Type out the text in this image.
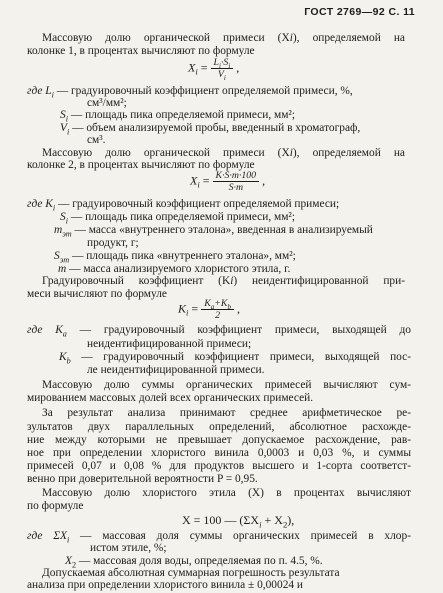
ГОСТ 2769—92 С. 11
Массовую долю органической примеси (Xi), определяемой на
колонке 1, в процентах вычисляют по формуле
$X_i = \frac{L_i\cdot S_i}{V_i}$ ,
где $L_i$ — градуировочный коэффициент определяемой примеси, %,
см³/мм²;
$S_i$ — площадь пика определяемой примеси, мм²;
$V_i$ — объем анализируемой пробы, введенный в хроматограф,
см³.
Массовую долю органической примеси (Xi), определяемой на
колонке 2, в процентах вычисляют по формуле
$X_i = \frac{K\cdot S\cdot m\cdot 100}{S\cdot m}$ ,
где $K_i$ — градуировочный коэффициент определяемой примеси;
$S_i$ — площадь пика определяемой примеси, мм²;
$m_{эт}$ — масса «внутреннего эталона», введенная в анализируемый
продукт, г;
$S_{эт}$ — площадь пика «внутреннего эталона», мм²;
m — масса анализируемого хлористого этила, г.
Градуировочный коэффициент (Ki) неидентифицированной при-
меси вычисляют по формуле
$K_i = \frac{K_a+K_b}{2}$ ,
где $K_a$ — градуировочный коэффициент примеси, выходящей до
неидентифицированной примеси;
$K_b$ — градуировочный коэффициент примеси, выходящей пос-
ле неидентифицированной примеси.
Массовую долю суммы органических примесей вычисляют сум-
мированием массовых долей всех органических примесей.
За результат анализа принимают среднее арифметическое ре-
зультатов двух параллельных определений, абсолютное расхожде-
ние между которыми не превышает допускаемое расхождение, рав-
ное при определении хлористого винила 0,0003 и 0,03 %, и суммы
примесей 0,07 и 0,08 % для продуктов высшего и 1-сорта соответст-
венно при доверительной вероятности P = 0,95.
Массовую долю хлористого этила (X) в процентах вычисляют
по формуле
X = 100 — $(\Sigma X_i + X_2)$,
где $\Sigma X_i$ — массовая доля суммы органических примесей в хлор-
истом этиле, %;
$X_2$ — массовая доля воды, определяемая по п. 4.5, %.
Допускаемая абсолютная суммарная погрешность результата
анализа при определении хлористого винила ± 0,00024 и
